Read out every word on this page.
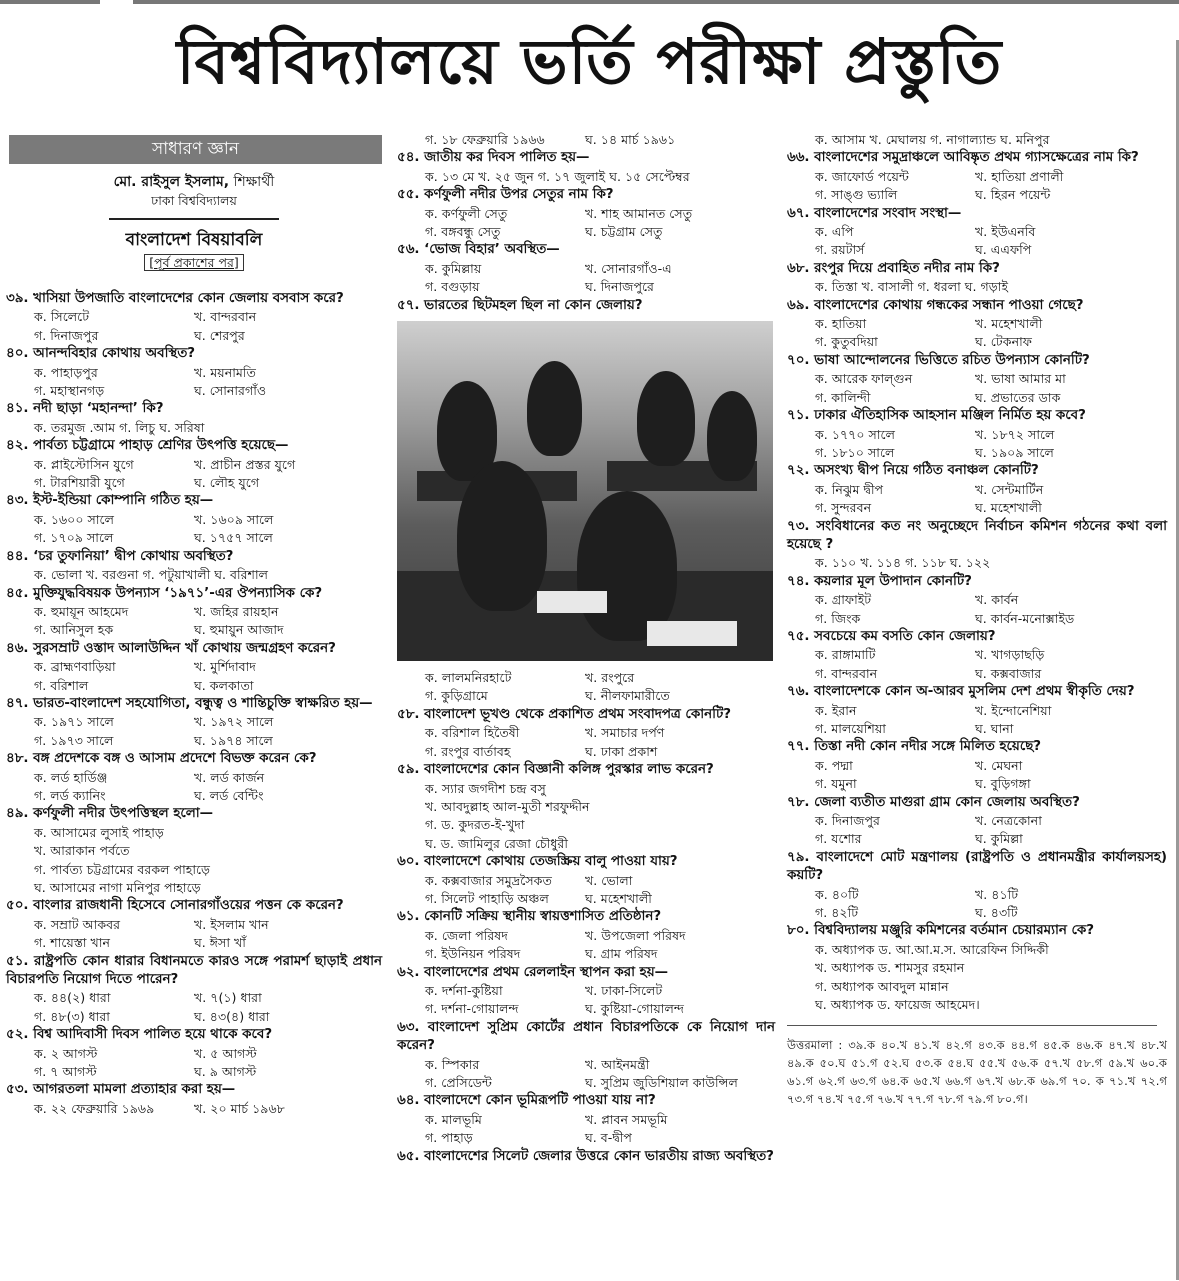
বিশ্ববিদ্যালয়ে ভর্তি পরীক্ষা প্রস্তুতি
সাধারণ জ্ঞান
মো. রাইসুল ইসলাম, শিক্ষার্থী
ঢাকা বিশ্ববিদ্যালয়
বাংলাদেশ বিষয়াবলি
[পূর্ব প্রকাশের পর]
৩৯. খাসিয়া উপজাতি বাংলাদেশের কোন জেলায় বসবাস করে?
ক. সিলেটে	খ. বান্দরবান
গ. দিনাজপুর	ঘ. শেরপুর
৪০. আনন্দবিহার কোথায় অবস্থিত?
ক. পাহাড়পুর	খ. ময়নামতি
গ. মহাস্থানগড়	ঘ. সোনারগাঁও
৪১. নদী ছাড়া ‘মহানন্দা’ কি?
ক. তরমুজ .আম গ. লিচু ঘ. সরিষা
৪২. পার্বত্য চট্টগ্রামে পাহাড় শ্রেণির উৎপত্তি হয়েছে—
ক. প্লাইস্টোসিন যুগে	খ. প্রাচীন প্রস্তর যুগে
গ. টারশিয়ারী যুগে	ঘ. লৌহ যুগে
৪৩. ইস্ট-ইন্ডিয়া কোম্পানি গঠিত হয়—
ক. ১৬০০ সালে	খ. ১৬০৯ সালে
গ. ১৭০৯ সালে	ঘ. ১৭৫৭ সালে
৪৪. ‘চর তুফানিয়া’ দ্বীপ কোথায় অবস্থিত?
ক. ভোলা খ. বরগুনা গ. পটুয়াখালী ঘ. বরিশাল
৪৫. মুক্তিযুদ্ধবিষয়ক উপন্যাস ‘১৯৭১’-এর ঔপন্যাসিক কে?
ক. হুমায়ূন আহমেদ	খ. জহির রায়হান
গ. আনিসুল হক	ঘ. হুমায়ুন আজাদ
৪৬. সুরসম্রাট ওস্তাদ আলাউদ্দিন খাঁ কোথায় জন্মগ্রহণ করেন?
ক. ব্রাহ্মণবাড়িয়া	খ. মুর্শিদাবাদ
গ. বরিশাল	ঘ. কলকাতা
৪৭. ভারত-বাংলাদেশ সহযোগিতা, বন্ধুত্ব ও শান্তিচুক্তি স্বাক্ষরিত হয়—
ক. ১৯৭১ সালে	খ. ১৯৭২ সালে
গ. ১৯৭৩ সালে	ঘ. ১৯৭৪ সালে
৪৮. বঙ্গ প্রদেশকে বঙ্গ ও আসাম প্রদেশে বিভক্ত করেন কে?
ক. লর্ড হার্ডিঞ্জ	খ. লর্ড কার্জন
গ. লর্ড ক্যানিং	ঘ. লর্ড বেন্টিং
৪৯. কর্ণফুলী নদীর উৎপত্তিস্থল হলো—
ক. আসামের লুসাই পাহাড়
খ. আরাকান পর্বতে
গ. পার্বত্য চট্টগ্রামের বরকল পাহাড়ে
ঘ. আসামের নাগা মনিপুর পাহাড়ে
৫০. বাংলার রাজধানী হিসেবে সোনারগাঁওয়ের পত্তন কে করেন?
ক. সম্রাট আকবর	খ. ইসলাম খান
গ. শায়েস্তা খান	ঘ. ঈসা খাঁ
৫১. রাষ্ট্রপতি কোন ধারার বিধানমতে কারও সঙ্গে পরামর্শ ছাড়াই প্রধান বিচারপতি নিয়োগ দিতে পারেন?
ক. ৪৪(২) ধারা	খ. ৭(১) ধারা
গ. ৪৮(৩) ধারা	ঘ. ৪৩(৪) ধারা
৫২. বিশ্ব আদিবাসী দিবস পালিত হয়ে থাকে কবে?
ক. ২ আগস্ট	খ. ৫ আগস্ট
গ. ৭ আগস্ট	ঘ. ৯ আগস্ট
৫৩. আগরতলা মামলা প্রত্যাহার করা হয়—
ক. ২২ ফেব্রুয়ারি ১৯৬৯	খ. ২০ মার্চ ১৯৬৮
গ. ১৮ ফেব্রুয়ারি ১৯৬৬	ঘ. ১৪ মার্চ ১৯৬১
৫৪. জাতীয় কর দিবস পালিত হয়—
ক. ১৩ মে খ. ২৫ জুন গ. ১৭ জুলাই ঘ. ১৫ সেপ্টেম্বর
৫৫. কর্ণফুলী নদীর উপর সেতুর নাম কি?
ক. কর্ণফুলী সেতু	খ. শাহ আমানত সেতু
গ. বঙ্গবন্ধু সেতু	ঘ. চট্টগ্রাম সেতু
৫৬. ‘ভোজ বিহার’ অবস্থিত—
ক. কুমিল্লায়	খ. সোনারগাঁও-এ
গ. বগুড়ায়	ঘ. দিনাজপুরে
৫৭. ভারতের ছিটমহল ছিল না কোন জেলায়?
ক. লালমনিরহাটে	খ. রংপুরে
গ. কুড়িগ্রামে	ঘ. নীলফামারীতে
৫৮. বাংলাদেশ ভূখণ্ড থেকে প্রকাশিত প্রথম সংবাদপত্র কোনটি?
ক. বরিশাল হিতৈষী	খ. সমাচার দর্পণ
গ. রংপুর বার্তাবহ	ঘ. ঢাকা প্রকাশ
৫৯. বাংলাদেশের কোন বিজ্ঞানী কলিঙ্গ পুরস্কার লাভ করেন?
ক. স্যার জগদীশ চন্দ্র বসু
খ. আবদুল্লাহ আল-মুতী শরফুদ্দীন
গ. ড. কুদরত-ই-খুদা
ঘ. ড. জামিলুর রেজা চৌধুরী
৬০. বাংলাদেশে কোথায় তেজস্ক্রিয় বালু পাওয়া যায়?
ক. কক্সবাজার সমুদ্রসৈকত	খ. ভোলা
গ. সিলেট পাহাড়ি অঞ্চল	ঘ. মহেশখালী
৬১. কোনটি সক্রিয় স্থানীয় স্বায়ত্তশাসিত প্রতিষ্ঠান?
ক. জেলা পরিষদ	খ. উপজেলা পরিষদ
গ. ইউনিয়ন পরিষদ	ঘ. গ্রাম পরিষদ
৬২. বাংলাদেশের প্রথম রেললাইন স্থাপন করা হয়—
ক. দর্শনা-কুষ্টিয়া	খ. ঢাকা-সিলেট
গ. দর্শনা-গোয়ালন্দ	ঘ. কুষ্টিয়া-গোয়ালন্দ
৬৩. বাংলাদেশ সুপ্রিম কোর্টের প্রধান বিচারপতিকে কে নিয়োগ দান করেন?
ক. স্পিকার	খ. আইনমন্ত্রী
গ. প্রেসিডেন্ট	ঘ. সুপ্রিম জুডিশিয়াল কাউন্সিল
৬৪. বাংলাদেশে কোন ভূমিরূপটি পাওয়া যায় না?
ক. মালভূমি	খ. প্লাবন সমভূমি
গ. পাহাড়	ঘ. ব-দ্বীপ
৬৫. বাংলাদেশের সিলেট জেলার উত্তরে কোন ভারতীয় রাজ্য অবস্থিত?
ক. আসাম খ. মেঘালয় গ. নাগাল্যান্ড ঘ. মনিপুর
৬৬. বাংলাদেশের সমুদ্রাঞ্চলে আবিষ্কৃত প্রথম গ্যাসক্ষেত্রের নাম কি?
ক. জাফোর্ড পয়েন্ট	খ. হাতিয়া প্রণালী
গ. সাঙ্গু ভ্যালি	ঘ. হিরন পয়েন্ট
৬৭. বাংলাদেশের সংবাদ সংস্থা—
ক. এপি	খ. ইউএনবি
গ. রয়টার্স	ঘ. এএফপি
৬৮. রংপুর দিয়ে প্রবাহিত নদীর নাম কি?
ক. তিস্তা খ. বাসালী গ. ধরলা ঘ. গড়াই
৬৯. বাংলাদেশের কোথায় গন্ধকের সন্ধান পাওয়া গেছে?
ক. হাতিয়া	খ. মহেশখালী
গ. কুতুবদিয়া	ঘ. টেকনাফ
৭০. ভাষা আন্দোলনের ভিত্তিতে রচিত উপন্যাস কোনটি?
ক. আরেক ফাল্গুন	খ. ভাষা আমার মা
গ. কালিন্দী	ঘ. প্রভাতের ডাক
৭১. ঢাকার ঐতিহাসিক আহসান মঞ্জিল নির্মিত হয় কবে?
ক. ১৭৭০ সালে	খ. ১৮৭২ সালে
গ. ১৮১০ সালে	ঘ. ১৯০৯ সালে
৭২. অসংখ্য দ্বীপ নিয়ে গঠিত বনাঞ্চল কোনটি?
ক. নিঝুম দ্বীপ	খ. সেন্টমার্টিন
গ. সুন্দরবন	ঘ. মহেশখালী
৭৩. সংবিধানের কত নং অনুচ্ছেদে নির্বাচন কমিশন গঠনের কথা বলা হয়েছে ?
ক. ১১০ খ. ১১৪ গ. ১১৮ ঘ. ১২২
৭৪. কয়লার মূল উপাদান কোনটি?
ক. গ্রাফাইট	খ. কার্বন
গ. জিংক	ঘ. কার্বন-মনোক্সাইড
৭৫. সবচেয়ে কম বসতি কোন জেলায়?
ক. রাঙ্গামাটি	খ. খাগড়াছড়ি
গ. বান্দরবান	ঘ. কক্সবাজার
৭৬. বাংলাদেশকে কোন অ-আরব মুসলিম দেশ প্রথম স্বীকৃতি দেয়?
ক. ইরান	খ. ইন্দোনেশিয়া
গ. মালয়েশিয়া	ঘ. ঘানা
৭৭. তিস্তা নদী কোন নদীর সঙ্গে মিলিত হয়েছে?
ক. পদ্মা	খ. মেঘনা
গ. যমুনা	ঘ. বুড়িগঙ্গা
৭৮. জেলা ব্যতীত মাগুরা গ্রাম কোন জেলায় অবস্থিত?
ক. দিনাজপুর	খ. নেত্রকোনা
গ. যশোর	ঘ. কুমিল্লা
৭৯. বাংলাদেশে মোট মন্ত্রণালয় (রাষ্ট্রপতি ও প্রধানমন্ত্রীর কার্যালয়সহ) কয়টি?
ক. ৪০টি	খ. ৪১টি
গ. ৪২টি	ঘ. ৪৩টি
৮০. বিশ্ববিদ্যালয় মঞ্জুরি কমিশনের বর্তমান চেয়ারম্যান কে?
ক. অধ্যাপক ড. আ.আ.ম.স. আরেফিন সিদ্দিকী
খ. অধ্যাপক ড. শামসুর রহমান
গ. অধ্যাপক আবদুল মান্নান
ঘ. অধ্যাপক ড. ফায়েজ আহমেদ।
উত্তরমালা : ৩৯.ক ৪০.খ ৪১.খ ৪২.গ ৪৩.ক ৪৪.গ ৪৫.ক ৪৬.ক ৪৭.খ ৪৮.খ ৪৯.ক ৫০.ঘ ৫১.গ ৫২.ঘ ৫৩.ক ৫৪.ঘ ৫৫.খ ৫৬.ক ৫৭.খ ৫৮.গ ৫৯.খ ৬০.ক ৬১.গ ৬২.গ ৬৩.গ ৬৪.ক ৬৫.খ ৬৬.গ ৬৭.খ ৬৮.ক ৬৯.গ ৭০. ক ৭১.খ ৭২.গ ৭৩.গ ৭৪.খ ৭৫.গ ৭৬.খ ৭৭.গ ৭৮.গ ৭৯.গ ৮০.গ।
